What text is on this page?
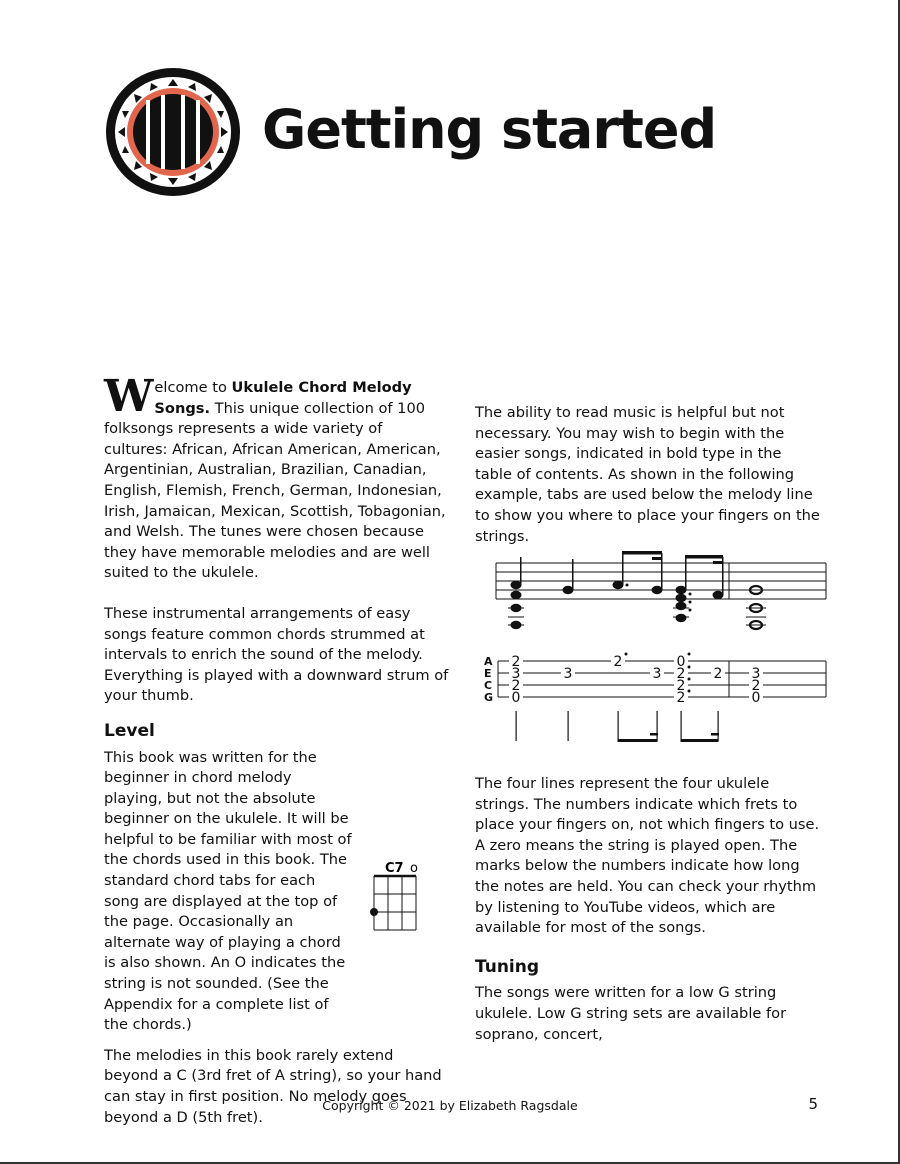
Getting started

Welcome to Ukulele Chord Melody Songs. This unique collection of 100 folksongs represents a wide variety of cultures: African, African American, American, Argentinian, Australian, Brazilian, Canadian, English, Flemish, French, German, Indonesian, Irish, Jamaican, Mexican, Scottish, Tobagonian, and Welsh. The tunes were chosen because they have memorable melodies and are well suited to the ukulele.

These instrumental arrangements of easy songs feature common chords strummed at intervals to enrich the sound of the melody. Everything is played with a downward strum of your thumb.

Level

This book was written for the beginner in chord melody playing, but not the absolute beginner on the ukulele. It will be helpful to be familiar with most of the chords used in this book. The standard chord tabs for each song are displayed at the top of the page. Occasionally an alternate way of playing a chord is also shown. An O indicates the string is not sounded. (See the Appendix for a complete list of the chords.)

The melodies in this book rarely extend beyond a C (3rd fret of A string), so your hand can stay in first position. No melody goes beyond a D (5th fret).

C7 o
The ability to read music is helpful but not necessary. You may wish to begin with the easier songs, indicated in bold type in the table of contents. As shown in the following example, tabs are used below the melody line to show you where to place your fingers on the strings.
A
E
C
G
2
3
2
0
3
2
3
0
2
2
2
2 3
2
0

The four lines represent the four ukulele strings. The numbers indicate which frets to place your fingers on, not which fingers to use. A zero means the string is played open. The marks below the numbers indicate how long the notes are held. You can check your rhythm by listening to YouTube videos, which are available for most of the songs.

Tuning

The songs were written for a low G string ukulele. Low G string sets are available for soprano, concert,

Copyright © 2021 by Elizabeth Ragsdale	5
